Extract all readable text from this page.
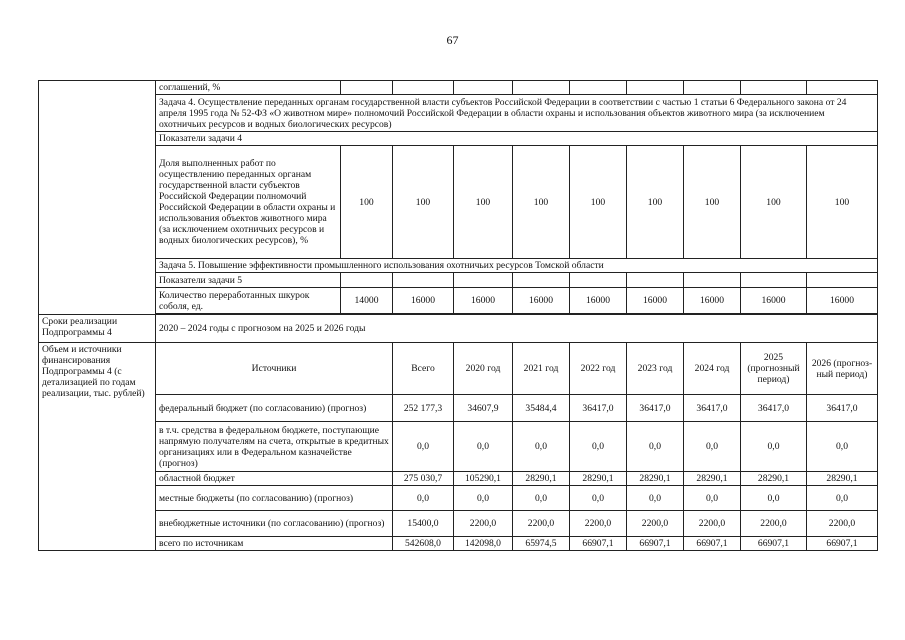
67
	соглашений, %									
	Задача 4. Осуществление переданных органам государственной власти субъектов Российской Федерации в соответствии с частью 1 статьи 6 Федерального закона от 24 апреля 1995 года № 52-ФЗ «О животном мире» полномочий Российской Федерации в области охраны и использования объектов животного мира (за исключением охотничьих ресурсов и водных биологических ресурсов)									
	Показатели задачи 4									
	Доля выполненных работ по осуществлению переданных органам государственной власти субъектов Российской Федерации полномочий Российской Федерации в области охраны и использования объектов животного мира (за исключением охотничьих ресурсов и водных биологических ресурсов), %	100	100	100	100	100	100	100	100	100
	Задача 5. Повышение эффективности промышленного использования охотничьих ресурсов Томской области									
	Показатели задачи 5									
	Количество переработанных шкурок соболя, ед.	14000	16000	16000	16000	16000	16000	16000	16000	16000

Сроки реализации Подпрограммы 4	2020 – 2024 годы с прогнозом на 2025 и 2026 годы									
Объем и источники финансирования Подпрограммы 4 (с детализацией по годам реализации, тыс. рублей)	Источники		Всего	2020 год	2021 год	2022 год	2023 год	2024 год	2025 (прогнозный период)	2026 (прогноз-ный период)
	федеральный бюджет (по согласованию) (прогноз)		252 177,3	34607,9	35484,4	36417,0	36417,0	36417,0	36417,0	36417,0
	в т.ч. средства в федеральном бюджете, поступающие напрямую получателям на счета, открытые в кредитных организациях или в Федеральном казначействе (прогноз)		0,0	0,0	0,0	0,0	0,0	0,0	0,0	0,0
	областной бюджет		275 030,7	105290,1	28290,1	28290,1	28290,1	28290,1	28290,1	28290,1
	местные бюджеты (по согласованию) (прогноз)		0,0	0,0	0,0	0,0	0,0	0,0	0,0	0,0
	внебюджетные источники (по согласованию) (прогноз)		15400,0	2200,0	2200,0	2200,0	2200,0	2200,0	2200,0	2200,0
	всего по источникам		542608,0	142098,0	65974,5	66907,1	66907,1	66907,1	66907,1	66907,1
